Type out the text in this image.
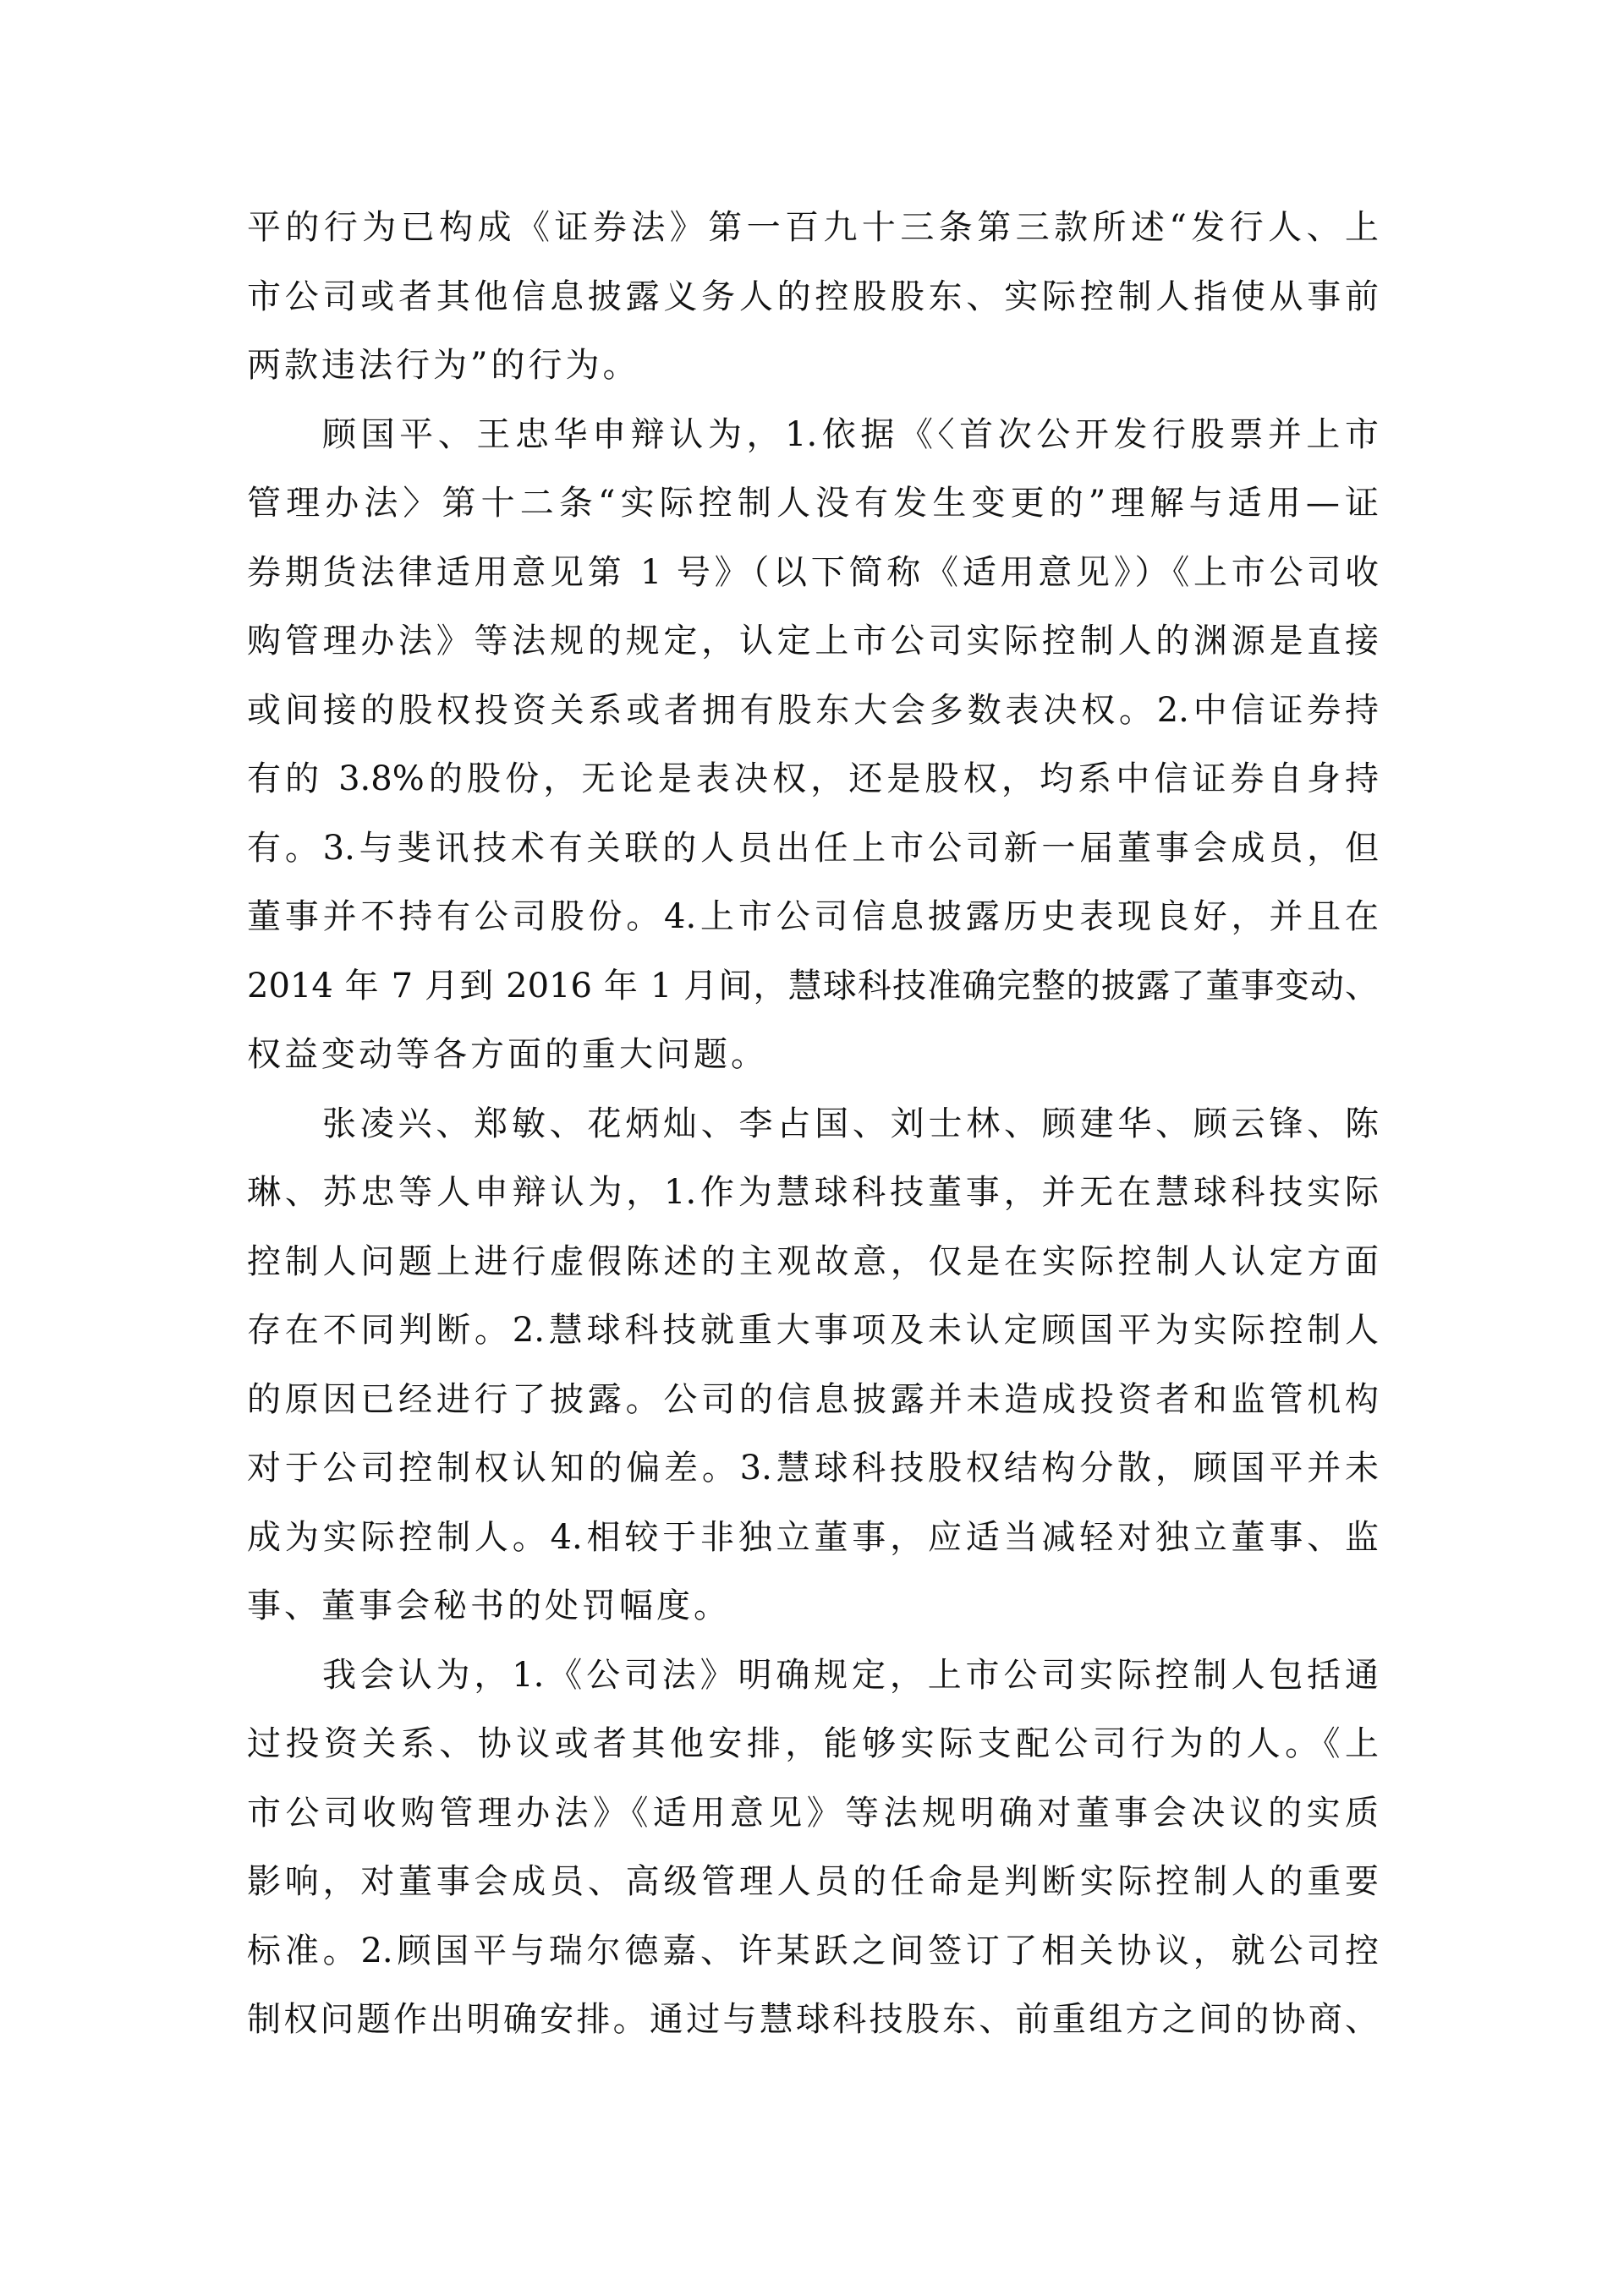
平的行为已构成《证券法》第一百九十三条第三款所述“发行人、上
市公司或者其他信息披露义务人的控股股东、实际控制人指使从事前
两款违法行为”的行为。
顾国平、王忠华申辩认为，1.依据《〈首次公开发行股票并上市
管理办法〉第十二条“实际控制人没有发生变更的”理解与适用—证
券期货法律适用意见第 1 号》（以下简称《适用意见》）《上市公司收
购管理办法》等法规的规定，认定上市公司实际控制人的渊源是直接
或间接的股权投资关系或者拥有股东大会多数表决权。2.中信证券持
有的 3.8%的股份，无论是表决权，还是股权，均系中信证券自身持
有。3.与斐讯技术有关联的人员出任上市公司新一届董事会成员，但
董事并不持有公司股份。4.上市公司信息披露历史表现良好，并且在
2014 年 7 月到 2016 年 1 月间，慧球科技准确完整的披露了董事变动、
权益变动等各方面的重大问题。
张凌兴、郑敏、花炳灿、李占国、刘士林、顾建华、顾云锋、陈
琳、苏忠等人申辩认为，1.作为慧球科技董事，并无在慧球科技实际
控制人问题上进行虚假陈述的主观故意，仅是在实际控制人认定方面
存在不同判断。2.慧球科技就重大事项及未认定顾国平为实际控制人
的原因已经进行了披露。公司的信息披露并未造成投资者和监管机构
对于公司控制权认知的偏差。3.慧球科技股权结构分散，顾国平并未
成为实际控制人。4.相较于非独立董事，应适当减轻对独立董事、监
事、董事会秘书的处罚幅度。
我会认为，1.《公司法》明确规定，上市公司实际控制人包括通
过投资关系、协议或者其他安排，能够实际支配公司行为的人。《上
市公司收购管理办法》《适用意见》等法规明确对董事会决议的实质
影响，对董事会成员、高级管理人员的任命是判断实际控制人的重要
标准。2.顾国平与瑞尔德嘉、许某跃之间签订了相关协议，就公司控
制权问题作出明确安排。通过与慧球科技股东、前重组方之间的协商、
